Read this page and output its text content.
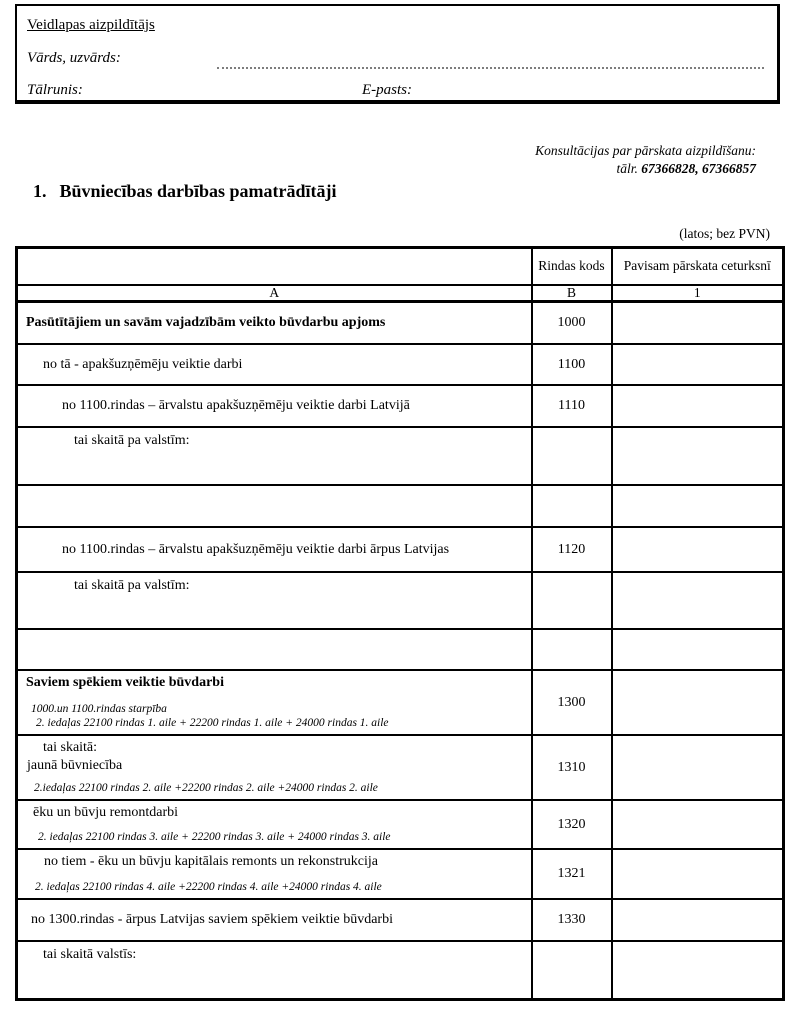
Veidlapas aizpildītājs
Vārds, uzvārds:
Tālrunis:	E-pasts:
Konsultācijas par pārskata aizpildīšanu:
tālr. 67366828, 67366857
1. Būvniecības darbības pamatrādītāji
(latos; bez PVN)
	Rindas kods	Pavisam pārskata ceturksnī
A	B	1

Pasūtītājiem un savām vajadzībām veikto būvdarbu apjoms	1000	

no tā - apakšuzņēmēju veiktie darbi	1100	

no 1100.rindas – ārvalstu apakšuzņēmēju veiktie darbi Latvijā	1110	

tai skaitā pa valstīm:		

no 1100.rindas – ārvalstu apakšuzņēmēju veiktie darbi ārpus Latvijas	1120	

tai skaitā pa valstīm:		

Saviem spēkiem veiktie būvdarbi
1000.un 1100.rindas starpība
2. iedaļas 22100 rindas 1. aile + 22200 rindas 1. aile + 24000 rindas 1. aile	1300	

tai skaitā:
jaunā būvniecība
2.iedaļas 22100 rindas 2. aile +22200 rindas 2. aile +24000 rindas 2. aile	1310	

ēku un būvju remontdarbi
2. iedaļas 22100 rindas 3. aile + 22200 rindas 3. aile + 24000 rindas 3. aile	1320	

no tiem - ēku un būvju kapitālais remonts un rekonstrukcija
2. iedaļas 22100 rindas 4. aile +22200 rindas 4. aile +24000 rindas 4. aile	1321	

no 1300.rindas - ārpus Latvijas saviem spēkiem veiktie būvdarbi	1330	

tai skaitā valstīs:		
